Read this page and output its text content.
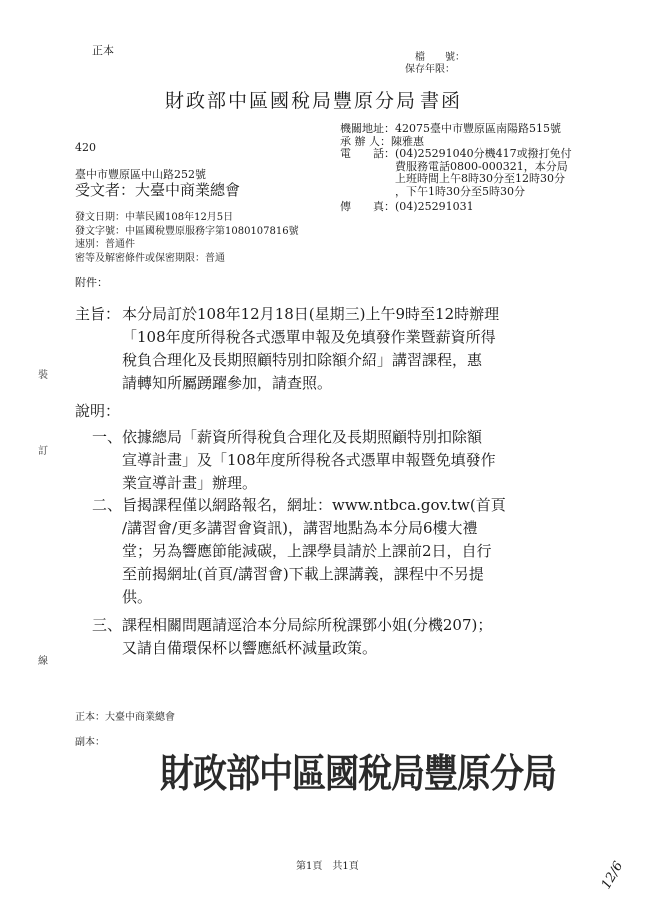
正本
檔　　號：
保存年限：
財政部中區國稅局豐原分局 書函
機關地址： 42075臺中市豐原區南陽路515號
承 辦 人： 陳雅惠
電　　話： (04)25291040分機417或撥打免付
費服務電話0800-000321，本分局
上班時間上午8時30分至12時30分
，下午1時30分至5時30分
傳　　真：(04)25291031
420
臺中市豐原區中山路252號
受文者：大臺中商業總會
發文日期：中華民國108年12月5日
發文字號：中區國稅豐原服務字第1080107816號
速別：普通件
密等及解密條件或保密期限：普通
附件：
裝
訂
線
主旨： 本分局訂於108年12月18日(星期三)上午9時至12時辦理
「108年度所得稅各式憑單申報及免填發作業暨薪資所得
稅負合理化及長期照顧特別扣除額介紹」講習課程，惠
請轉知所屬踴躍參加，請查照。
說明：
一、 依據總局「薪資所得稅負合理化及長期照顧特別扣除額
宣導計畫」及「108年度所得稅各式憑單申報暨免填發作
業宣導計畫」辦理。
二、 旨揭課程僅以網路報名，網址：www.ntbca.gov.tw(首頁
/講習會/更多講習會資訊)，講習地點為本分局6樓大禮
堂；另為響應節能減碳，上課學員請於上課前2日，自行
至前揭網址(首頁/講習會)下載上課講義，課程中不另提
供。
三、 課程相關問題請逕洽本分局綜所稅課鄧小姐(分機207)；
又請自備環保杯以響應紙杯減量政策。
正本：大臺中商業總會
副本：
財政部中區國稅局豐原分局
第1頁　共1頁	12/6
